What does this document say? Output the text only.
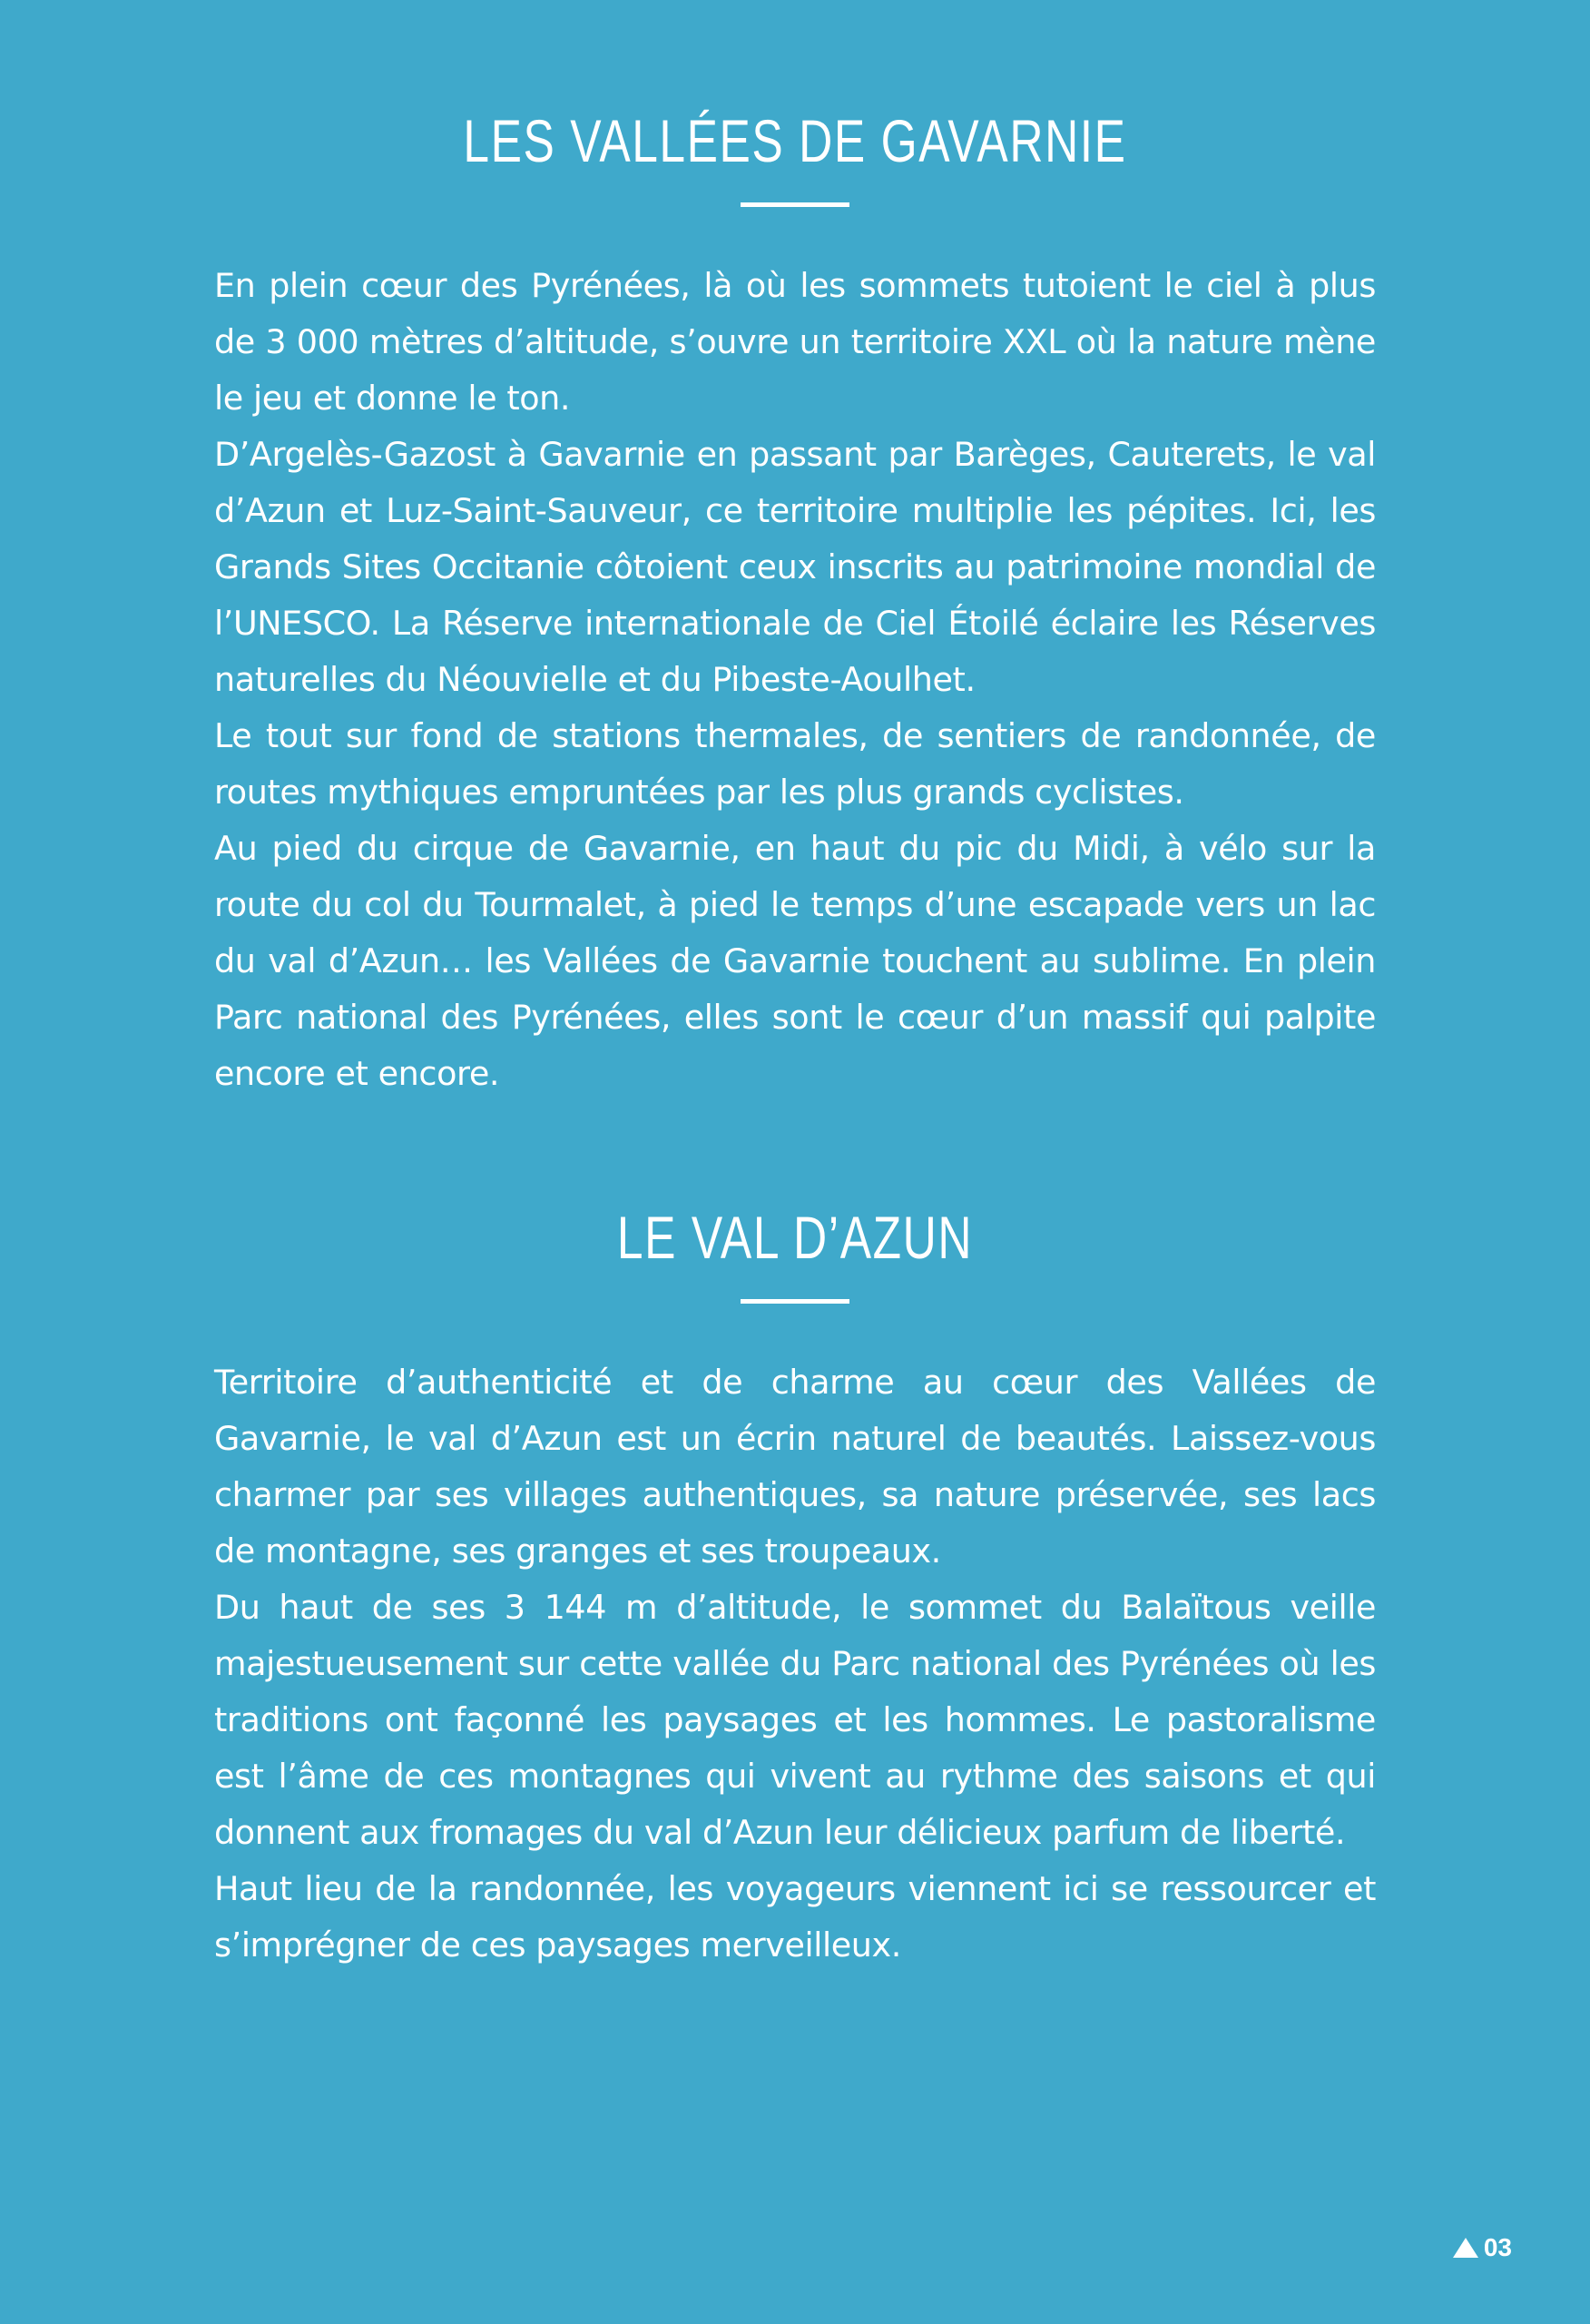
LES VALLÉES DE GAVARNIE

En plein cœur des Pyrénées, là où les sommets tutoient le ciel à plus de 3 000 mètres d’altitude, s’ouvre un territoire XXL où la nature mène le jeu et donne le ton.

D’Argelès-Gazost à Gavarnie en passant par Barèges, Cauterets, le val d’Azun et Luz-Saint-Sauveur, ce territoire multiplie les pépites. Ici, les Grands Sites Occitanie côtoient ceux inscrits au patrimoine mondial de l’UNESCO. La Réserve internationale de Ciel Étoilé éclaire les Réserves naturelles du Néouvielle et du Pibeste-Aoulhet.

Le tout sur fond de stations thermales, de sentiers de randonnée, de routes mythiques empruntées par les plus grands cyclistes.

Au pied du cirque de Gavarnie, en haut du pic du Midi, à vélo sur la route du col du Tourmalet, à pied le temps d’une escapade vers un lac du val d’Azun… les Vallées de Gavarnie touchent au sublime. En plein Parc national des Pyrénées, elles sont le cœur d’un massif qui palpite encore et encore.

LE VAL D’AZUN

Territoire d’authenticité et de charme au cœur des Vallées de Gavarnie, le val d’Azun est un écrin naturel de beautés. Laissez-vous charmer par ses villages authentiques, sa nature préservée, ses lacs de montagne, ses granges et ses troupeaux.

Du haut de ses 3 144 m d’altitude, le sommet du Balaïtous veille majestueusement sur cette vallée du Parc national des Pyrénées où les traditions ont façonné les paysages et les hommes. Le pastoralisme est l’âme de ces montagnes qui vivent au rythme des saisons et qui donnent aux fromages du val d’Azun leur délicieux parfum de liberté.

Haut lieu de la randonnée, les voyageurs viennent ici se ressourcer et s’imprégner de ces paysages merveilleux.

03
